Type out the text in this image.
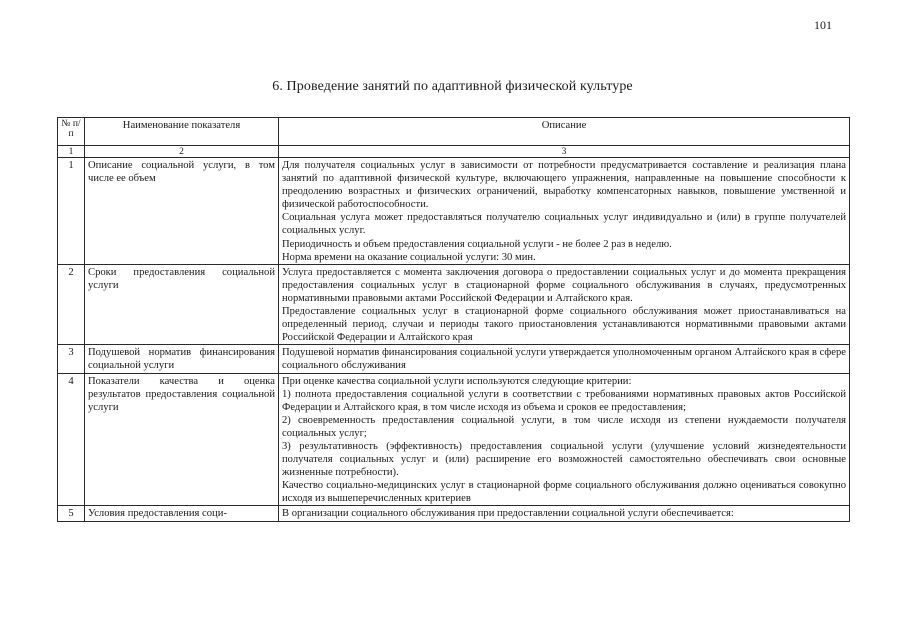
101
6. Проведение занятий по адаптивной физической культуре
№ п/п	Наименование показателя	Описание
1	2	3
1	Описание социальной услуги, в том числе ее объем	Для получателя социальных услуг в зависимости от потребности предусматривается составление и реализация плана занятий по адаптивной физической культуре, включающего упражнения, направленные на повышение способности к преодолению возрастных и физических ограничений, выработку компенсаторных навыков, повышение умственной и физической работоспособности.

Социальная услуга может предоставляться получателю социальных услуг индивидуально и (или) в группе получателей социальных услуг.

Периодичность и объем предоставления социальной услуги - не более 2 раз в неделю.

Норма времени на оказание социальной услуги: 30 мин.

2	Сроки предоставления социальной услуги	Услуга предоставляется с момента заключения договора о предоставлении социальных услуг и до момента прекращения предоставления социальных услуг в стационарной форме социального обслуживания в случаях, предусмотренных нормативными правовыми актами Российской Федерации и Алтайского края.

Предоставление социальных услуг в стационарной форме социального обслуживания может приостанавливаться на определенный период, случаи и периоды такого приостановления устанавливаются нормативными правовыми актами Российской Федерации и Алтайского края

3	Подушевой норматив финансирования социальной услуги	Подушевой норматив финансирования социальной услуги утверждается уполномоченным органом Алтайского края в сфере социального обслуживания

4	Показатели качества и оценка результатов предоставления социальной услуги	При оценке качества социальной услуги используются следующие критерии:

1) полнота предоставления социальной услуги в соответствии с требованиями нормативных правовых актов Российской Федерации и Алтайского края, в том числе исходя из объема и сроков ее предоставления;

2) своевременность предоставления социальной услуги, в том числе исходя из степени нуждаемости получателя социальных услуг;

3) результативность (эффективность) предоставления социальной услуги (улучшение условий жизнедеятельности получателя социальных услуг и (или) расширение его возможностей самостоятельно обеспечивать свои основные жизненные потребности).

Качество социально-медицинских услуг в стационарной форме социального обслуживания должно оцениваться совокупно исходя из вышеперечисленных критериев

5	Условия предоставления соци-	В организации социального обслуживания при предоставлении социальной услуги обеспечивается:
